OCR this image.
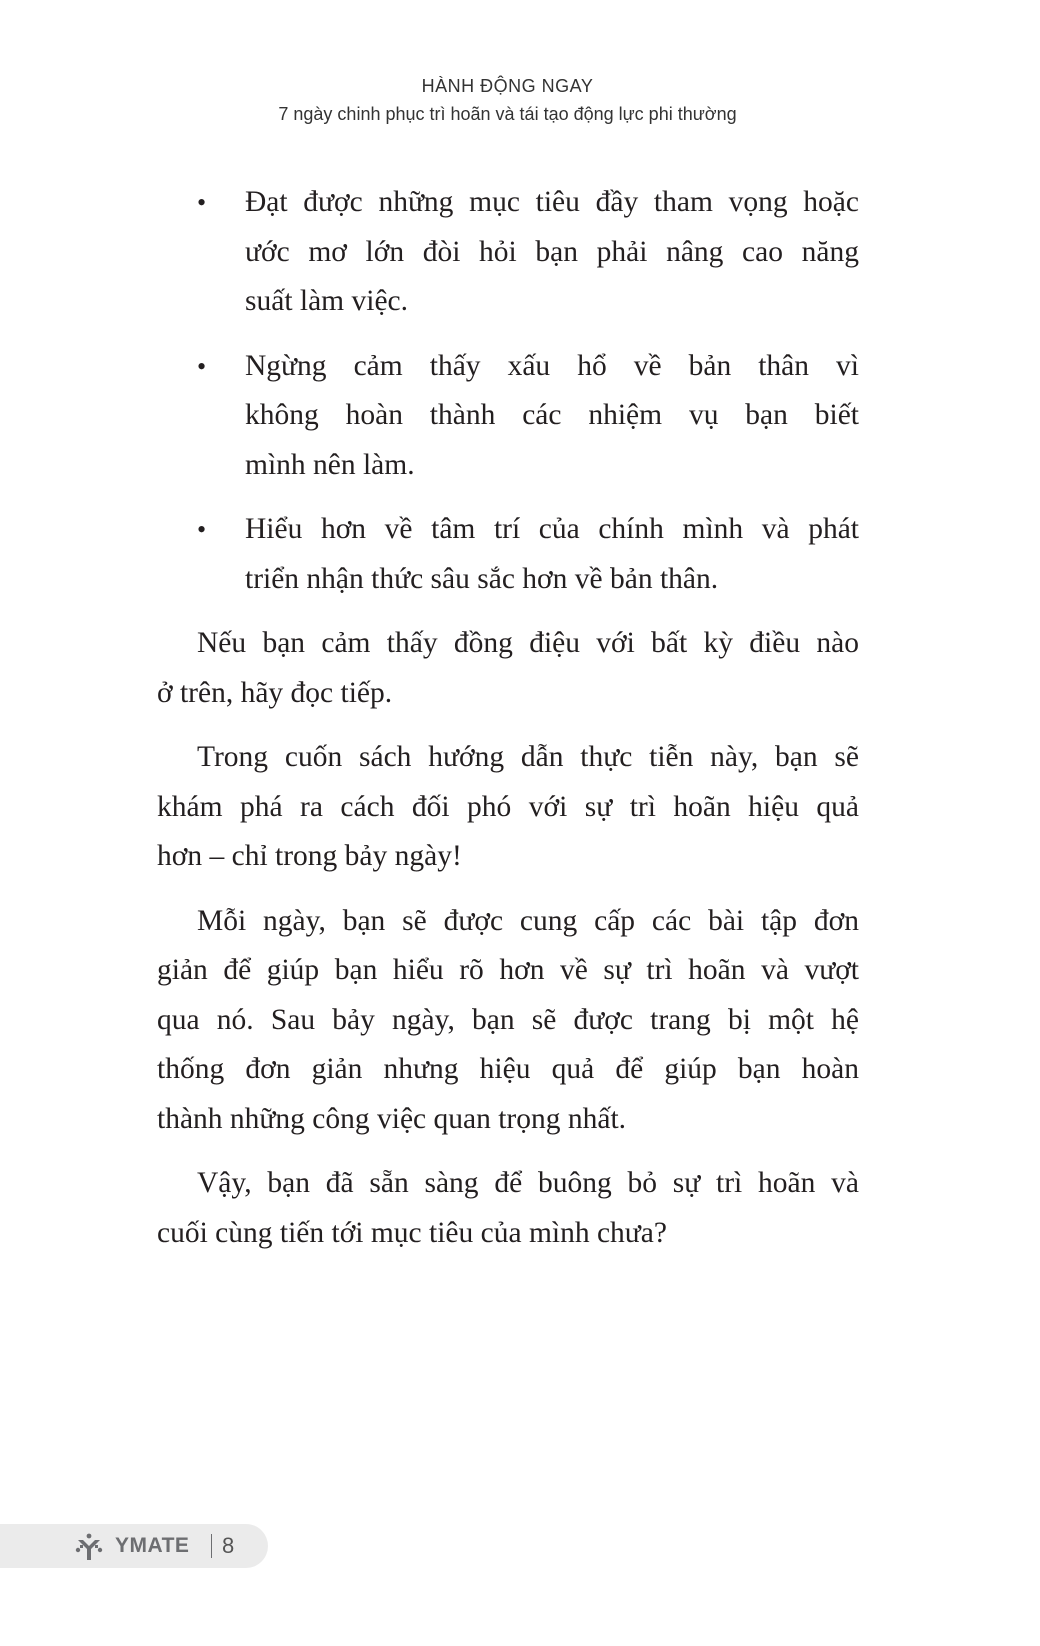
HÀNH ĐỘNG NGAY
7 ngày chinh phục trì hoãn và tái tạo động lực phi thường
• Đạt được những mục tiêu đầy tham vọng hoặc
ước mơ lớn đòi hỏi bạn phải nâng cao năng
suất làm việc.
• Ngừng cảm thấy xấu hổ về bản thân vì
không hoàn thành các nhiệm vụ bạn biết
mình nên làm.
• Hiểu hơn về tâm trí của chính mình và phát
triển nhận thức sâu sắc hơn về bản thân.
Nếu bạn cảm thấy đồng điệu với bất kỳ điều nào
ở trên, hãy đọc tiếp.
Trong cuốn sách hướng dẫn thực tiễn này, bạn sẽ
khám phá ra cách đối phó với sự trì hoãn hiệu quả
hơn – chỉ trong bảy ngày!
Mỗi ngày, bạn sẽ được cung cấp các bài tập đơn
giản để giúp bạn hiểu rõ hơn về sự trì hoãn và vượt
qua nó. Sau bảy ngày, bạn sẽ được trang bị một hệ
thống đơn giản nhưng hiệu quả để giúp bạn hoàn
thành những công việc quan trọng nhất.
Vậy, bạn đã sẵn sàng để buông bỏ sự trì hoãn và
cuối cùng tiến tới mục tiêu của mình chưa?
YMATE 8
